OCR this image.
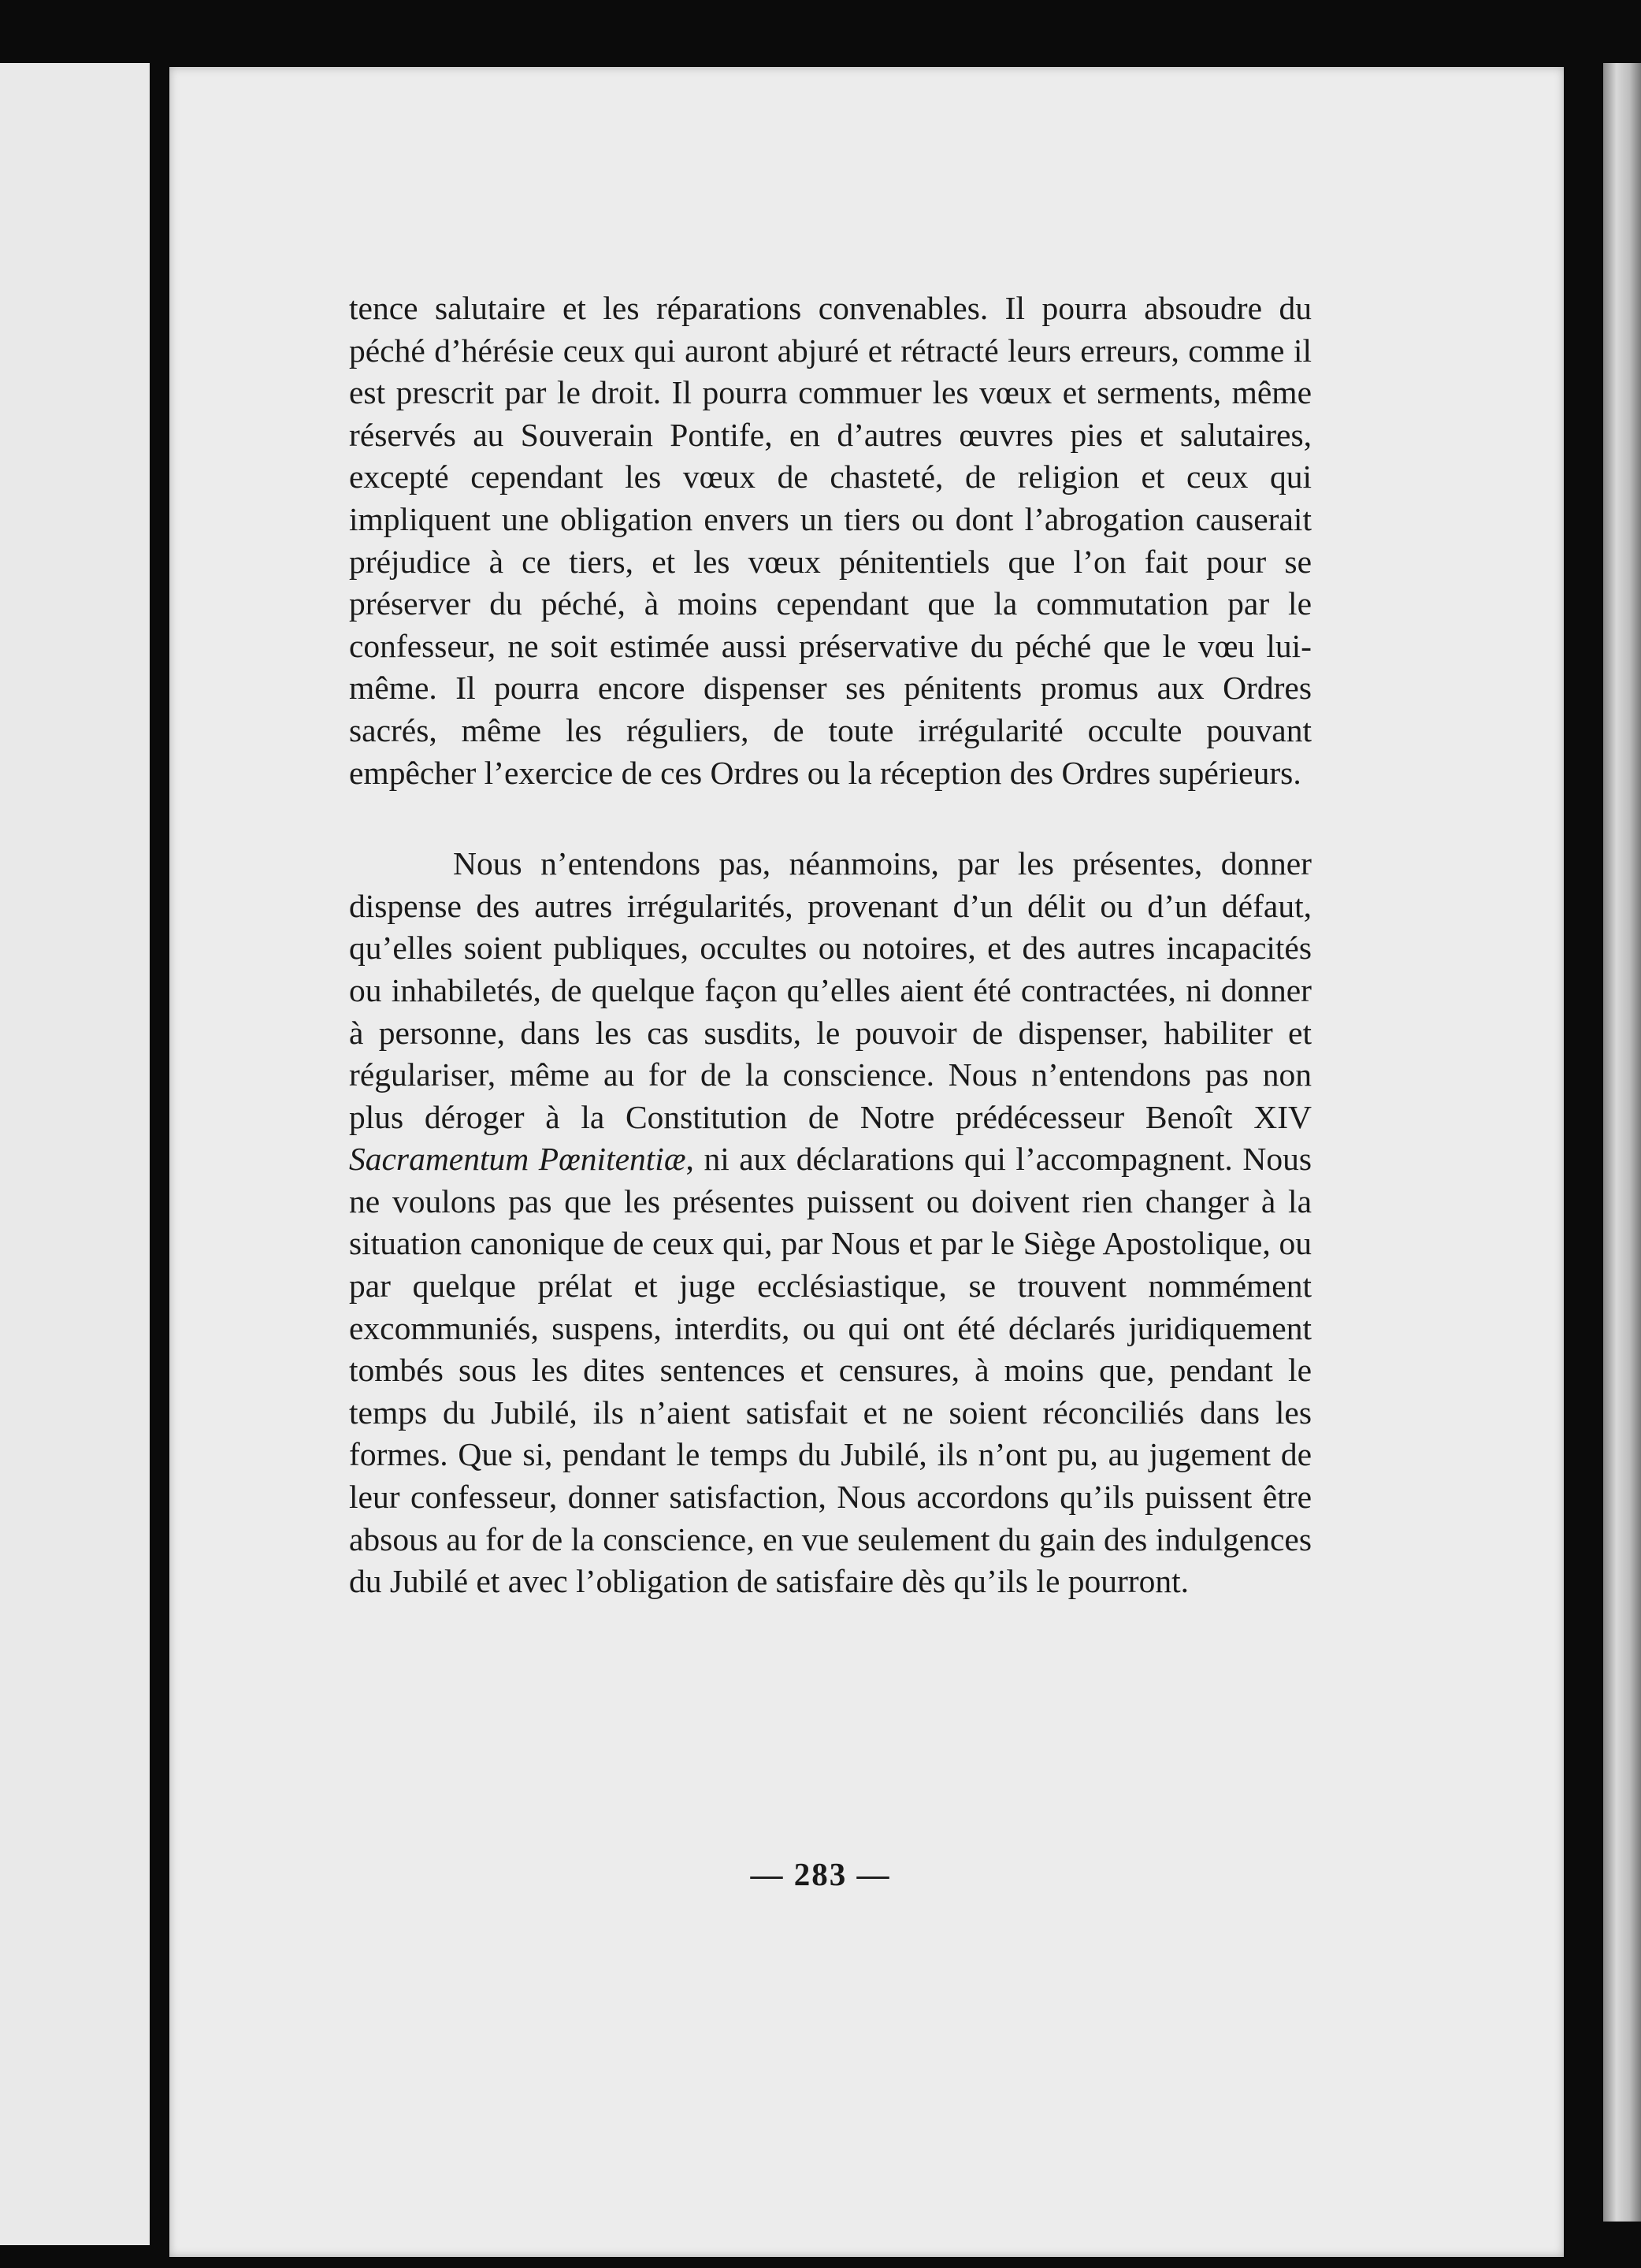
tence salutaire et les réparations convenables. Il pourra absoudre du péché d’hérésie ceux qui auront abjuré et rétracté leurs erreurs, comme il est prescrit par le droit. Il pourra commuer les vœux et serments, même réservés au Souverain Pontife, en d’autres œuvres pies et salutaires, excepté cependant les vœux de chasteté, de religion et ceux qui impliquent une obligation envers un tiers ou dont l’abrogation causerait préjudice à ce tiers, et les vœux pénitentiels que l’on fait pour se préserver du péché, à moins cependant que la commutation par le confesseur, ne soit estimée aussi préservative du péché que le vœu lui-même. Il pourra encore dispenser ses pénitents promus aux Ordres sacrés, même les réguliers, de toute irrégularité occulte pouvant empêcher l’exercice de ces Ordres ou la réception des Ordres supérieurs.

Nous n’entendons pas, néanmoins, par les présentes, donner dispense des autres irrégularités, provenant d’un délit ou d’un défaut, qu’elles soient publiques, occultes ou notoires, et des autres incapacités ou inhabiletés, de quelque façon qu’elles aient été contractées, ni donner à personne, dans les cas susdits, le pouvoir de dispenser, habiliter et régulariser, même au for de la conscience. Nous n’entendons pas non plus déroger à la Constitution de Notre prédécesseur Benoît XIV Sacramentum Pœnitentiæ, ni aux déclarations qui l’accompagnent. Nous ne voulons pas que les présentes puissent ou doivent rien changer à la situation canonique de ceux qui, par Nous et par le Siège Apostolique, ou par quelque prélat et juge ecclésiastique, se trouvent nommément excommuniés, suspens, interdits, ou qui ont été déclarés juridiquement tombés sous les dites sentences et censures, à moins que, pendant le temps du Jubilé, ils n’aient satisfait et ne soient réconciliés dans les formes. Que si, pendant le temps du Jubilé, ils n’ont pu, au jugement de leur confesseur, donner satisfaction, Nous accordons qu’ils puissent être absous au for de la conscience, en vue seulement du gain des indulgences du Jubilé et avec l’obligation de satisfaire dès qu’ils le pourront.

— 283 —
